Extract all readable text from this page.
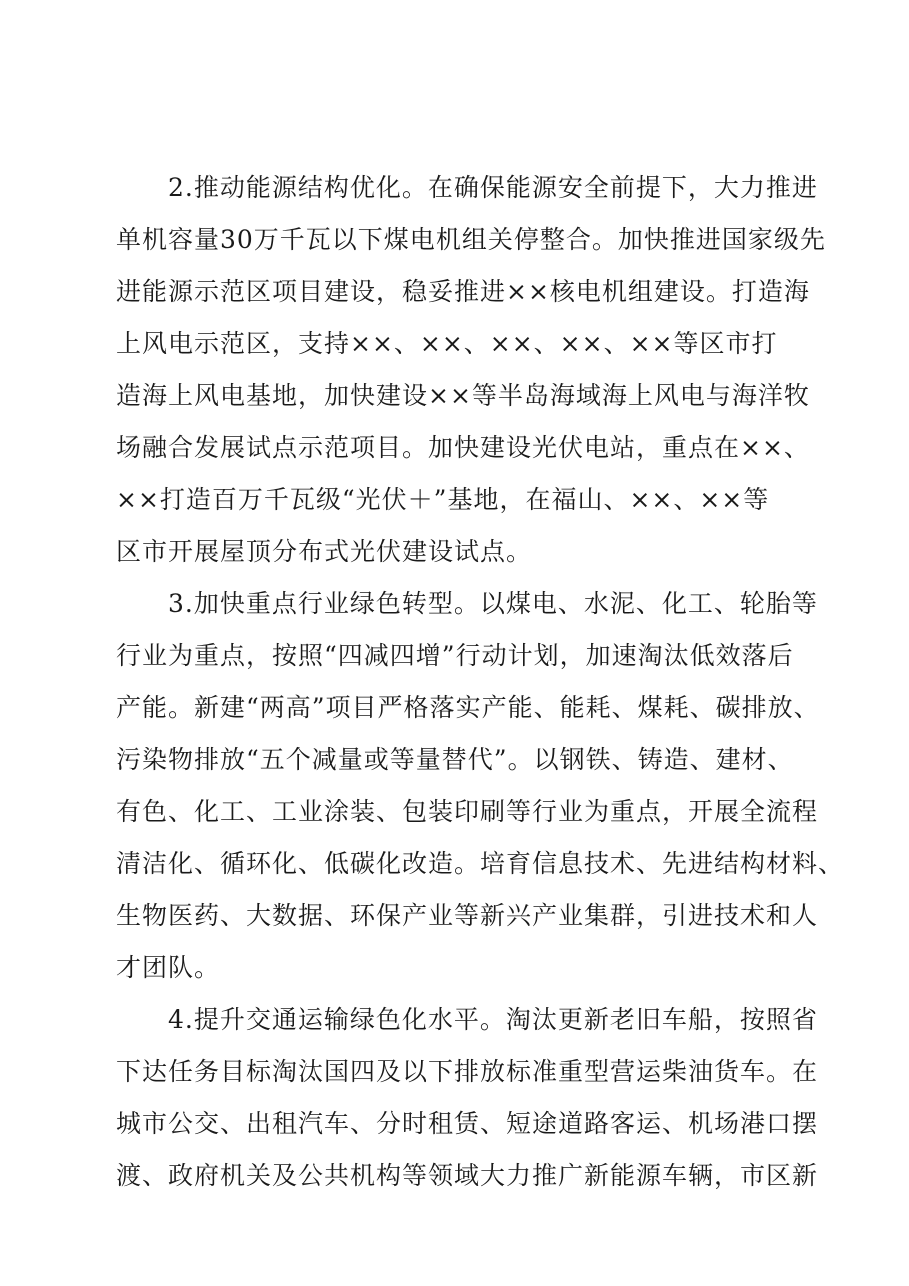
2.推动能源结构优化。在确保能源安全前提下，大力推进
单机容量30万千瓦以下煤电机组关停整合。加快推进国家级先
进能源示范区项目建设，稳妥推进××核电机组建设。打造海
上风电示范区，支持××、××、××、××、××等区市打
造海上风电基地，加快建设××等半岛海域海上风电与海洋牧
场融合发展试点示范项目。加快建设光伏电站，重点在××、
××打造百万千瓦级“光伏＋”基地，在福山、××、××等
区市开展屋顶分布式光伏建设试点。
3.加快重点行业绿色转型。以煤电、水泥、化工、轮胎等
行业为重点，按照“四减四增”行动计划，加速淘汰低效落后
产能。新建“两高”项目严格落实产能、能耗、煤耗、碳排放、
污染物排放“五个减量或等量替代”。以钢铁、铸造、建材、
有色、化工、工业涂装、包装印刷等行业为重点，开展全流程
清洁化、循环化、低碳化改造。培育信息技术、先进结构材料、
生物医药、大数据、环保产业等新兴产业集群，引进技术和人
才团队。
4.提升交通运输绿色化水平。淘汰更新老旧车船，按照省
下达任务目标淘汰国四及以下排放标准重型营运柴油货车。在
城市公交、出租汽车、分时租赁、短途道路客运、机场港口摆
渡、政府机关及公共机构等领域大力推广新能源车辆，市区新
